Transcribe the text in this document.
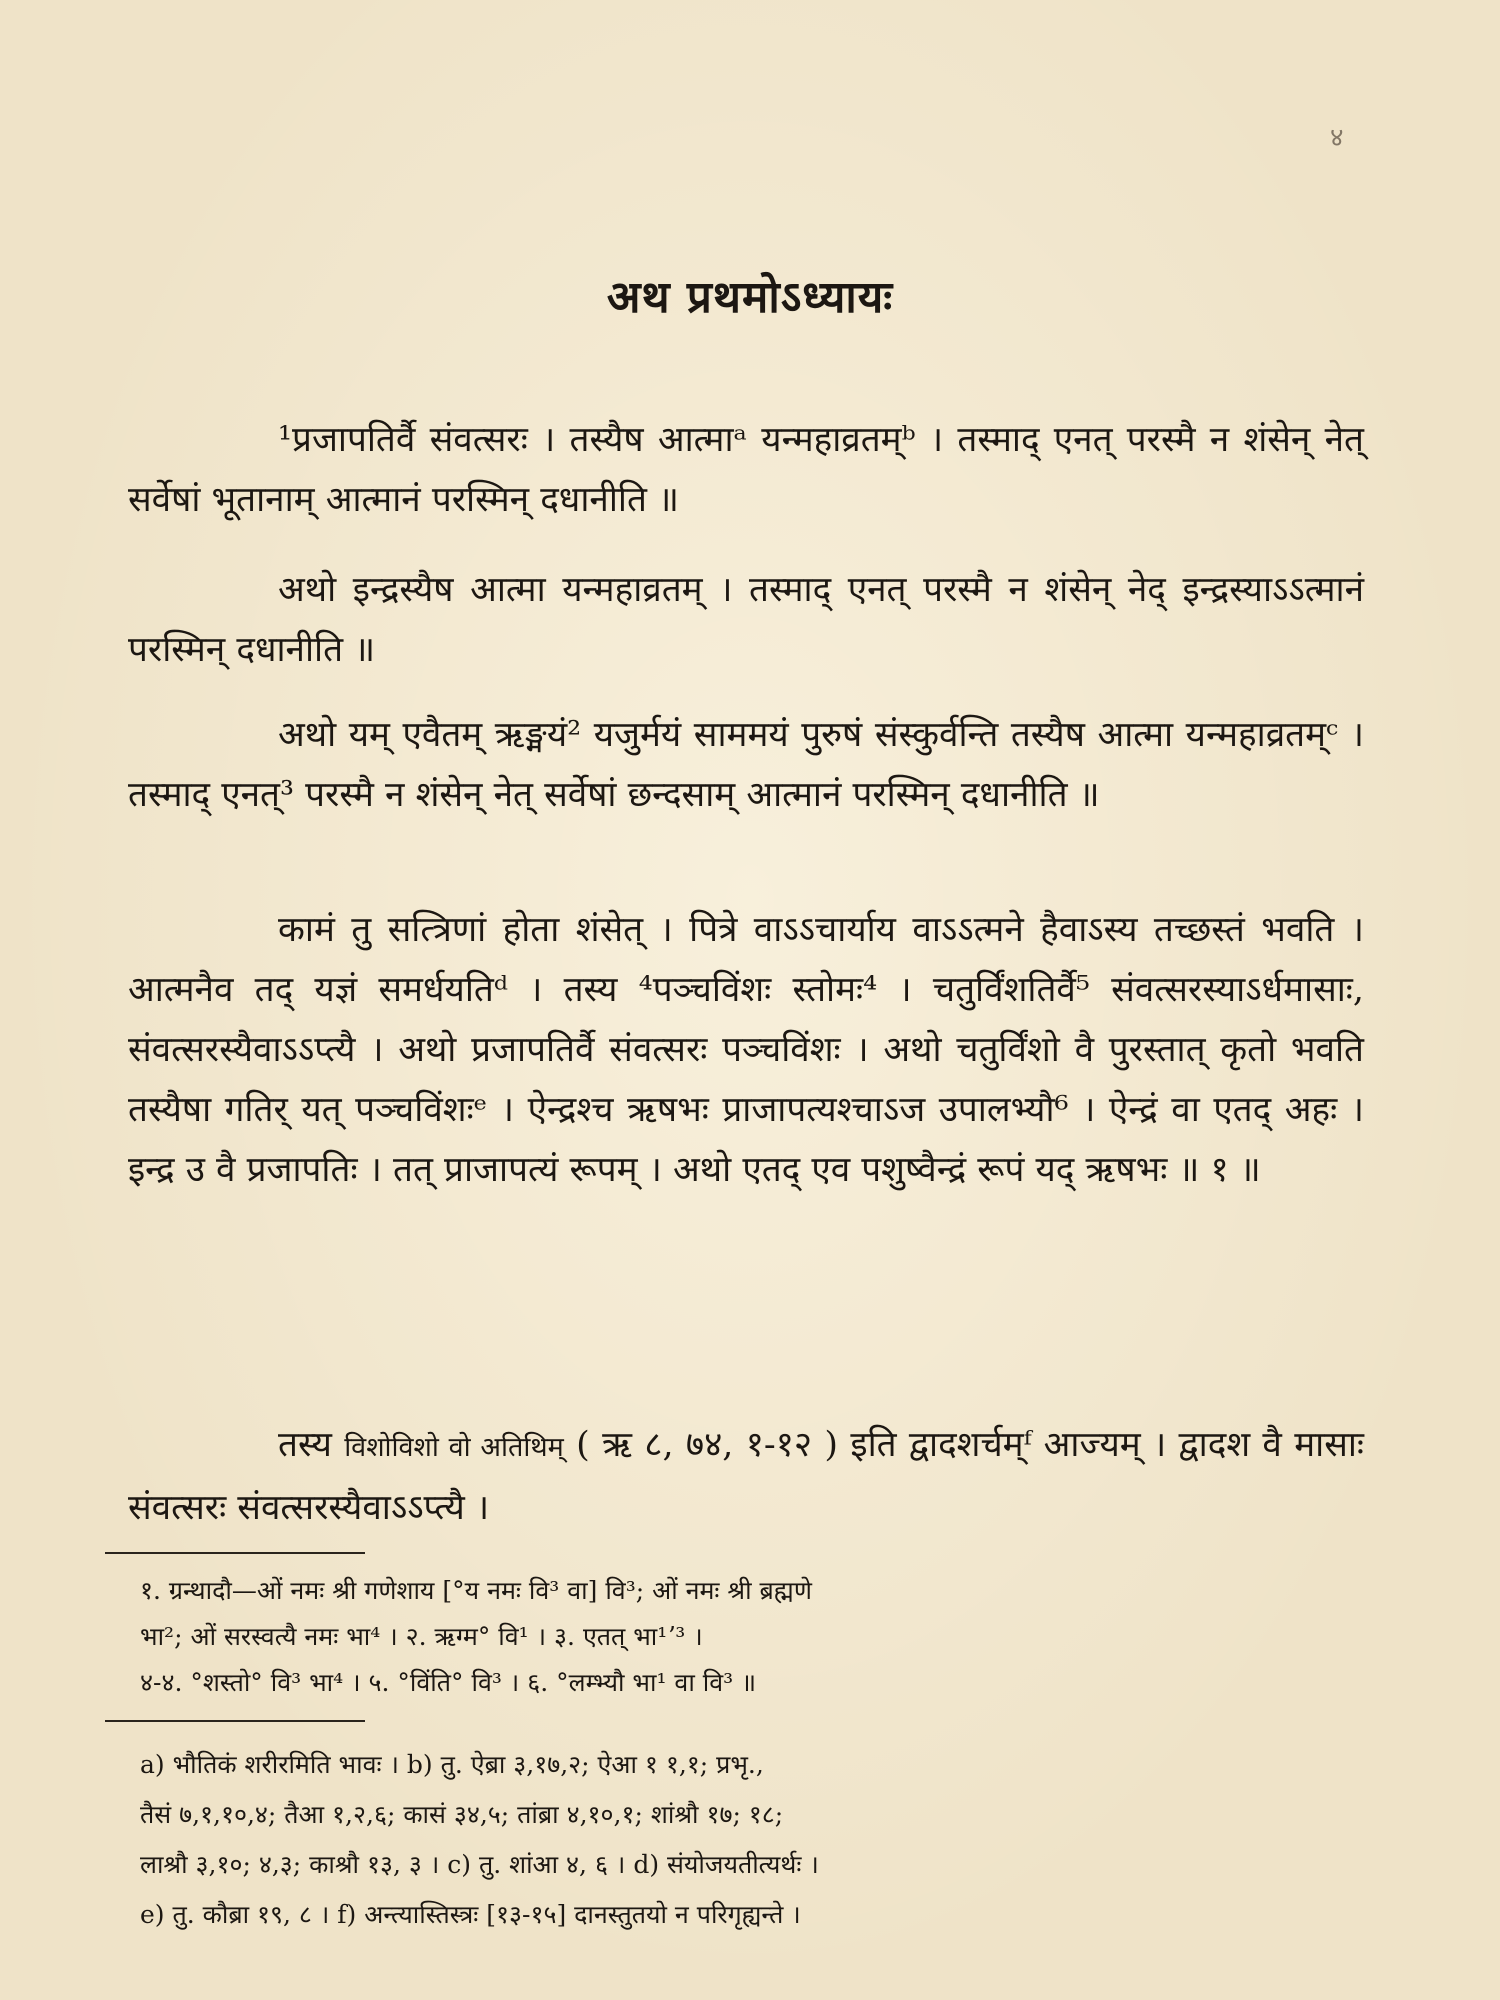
४
अथ प्रथमोऽध्यायः
¹प्रजापतिर्वै संवत्सरः । तस्यैष आत्माᵃ यन्महाव्रतम्ᵇ । तस्माद् एनत् परस्मै न शंसेन् नेत् सर्वेषां भूतानाम् आत्मानं परस्मिन् दधानीति ॥
अथो इन्द्रस्यैष आत्मा यन्महाव्रतम् । तस्माद् एनत् परस्मै न शंसेन् नेद् इन्द्रस्याऽऽत्मानं परस्मिन् दधानीति ॥
अथो यम् एवैतम् ऋङ्मयं² यजुर्मयं साममयं पुरुषं संस्कुर्वन्ति तस्यैष आत्मा यन्महाव्रतम्ᶜ । तस्माद् एनत्³ परस्मै न शंसेन् नेत् सर्वेषां छन्दसाम् आत्मानं परस्मिन् दधानीति ॥
कामं तु सत्त्रिणां होता शंसेत् । पित्रे वाऽऽचार्याय वाऽऽत्मने हैवाऽस्य तच्छस्तं भवति । आत्मनैव तद् यज्ञं समर्धयतिᵈ । तस्य ⁴पञ्चविंशः स्तोमः⁴ । चतुर्विंशतिर्वै⁵ संवत्सरस्याऽर्धमासाः, संवत्सरस्यैवाऽऽप्त्यै । अथो प्रजापतिर्वै संवत्सरः पञ्चविंशः । अथो चतुर्विंशो वै पुरस्तात् कृतो भवति तस्यैषा गतिर् यत् पञ्चविंशःᵉ । ऐन्द्रश्च ऋषभः प्राजापत्यश्चाऽज उपालभ्यौ⁶ । ऐन्द्रं वा एतद् अहः । इन्द्र उ वै प्रजापतिः । तत् प्राजापत्यं रूपम् । अथो एतद् एव पशुष्वैन्द्रं रूपं यद् ऋषभः ॥ १ ॥
तस्य विशोविशो वो अतिथिम् ( ऋ ८, ७४, १-१२ ) इति द्वादशर्चम्ᶠ आज्यम् । द्वादश वै मासाः संवत्सरः संवत्सरस्यैवाऽऽप्त्यै ।
१. ग्रन्थादौ—ओं नमः श्री गणेशाय [°य नमः वि³ वा] वि³; ओं नमः श्री ब्रह्मणे
भा²; ओं सरस्वत्यै नमः भा⁴ । २. ऋग्म° वि¹ । ३. एतत् भा¹ʼ³ ।
४-४. °शस्तो° वि³ भा⁴ । ५. °विंति° वि³ । ६. °लम्भ्यौ भा¹ वा वि³ ॥
a) भौतिकं शरीरमिति भावः । b) तु. ऐब्रा ३,१७,२; ऐआ १ १,१; प्रभृ.,
तैसं ७,१,१०,४; तैआ १,२,६; कासं ३४,५; तांब्रा ४,१०,१; शांश्रौ १७; १८;
लाश्रौ ३,१०; ४,३; काश्रौ १३, ३ । c) तु. शांआ ४, ६ । d) संयोजयतीत्यर्थः ।
e) तु. कौब्रा १९, ८ । f) अन्त्यास्तिस्त्रः [१३-१५] दानस्तुतयो न परिगृह्यन्ते ।
